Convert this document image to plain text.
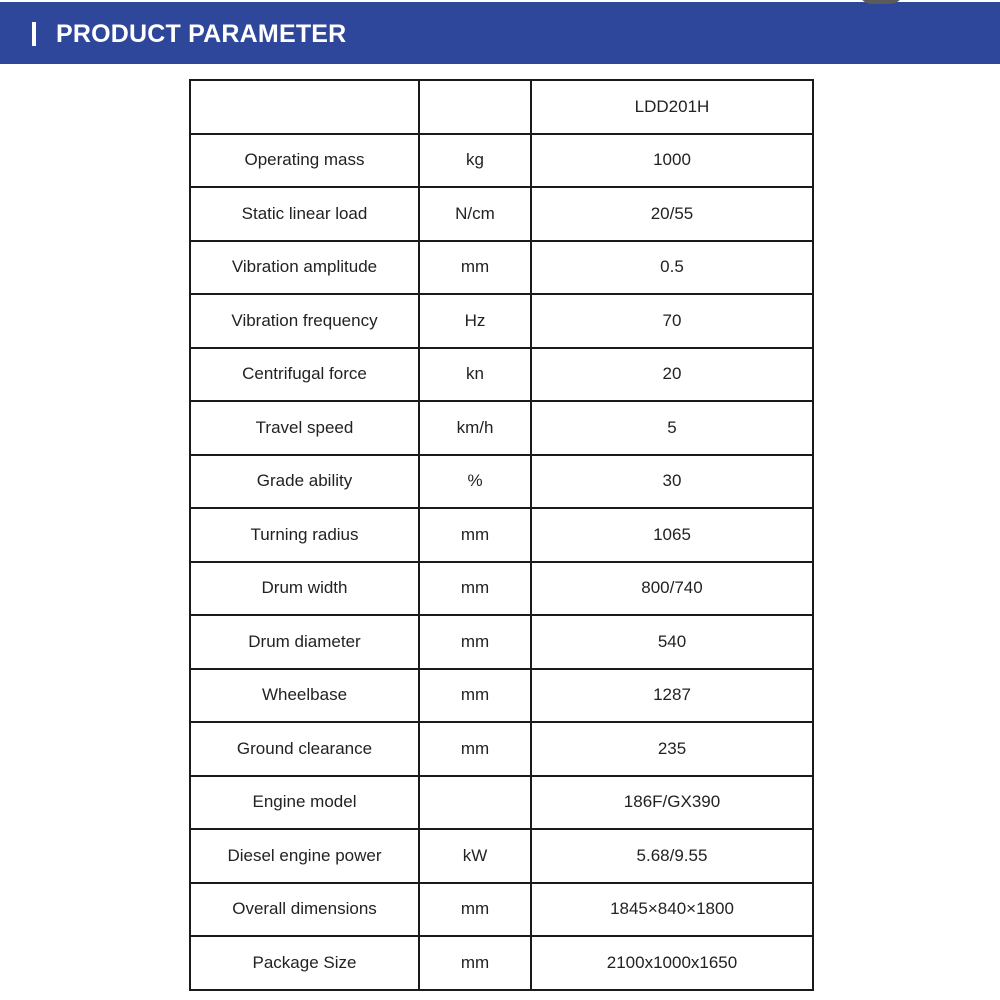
PRODUCT PARAMETER
		LDD201H
Operating mass	kg	1000
Static linear load	N/cm	20/55
Vibration amplitude	mm	0.5
Vibration frequency	Hz	70
Centrifugal force	kn	20
Travel speed	km/h	5
Grade ability	%	30
Turning radius	mm	1065
Drum width	mm	800/740
Drum diameter	mm	540
Wheelbase	mm	1287
Ground clearance	mm	235
Engine model		186F/GX390
Diesel engine power	kW	5.68/9.55
Overall dimensions	mm	1845×840×1800
Package Size	mm	2100x1000x1650
